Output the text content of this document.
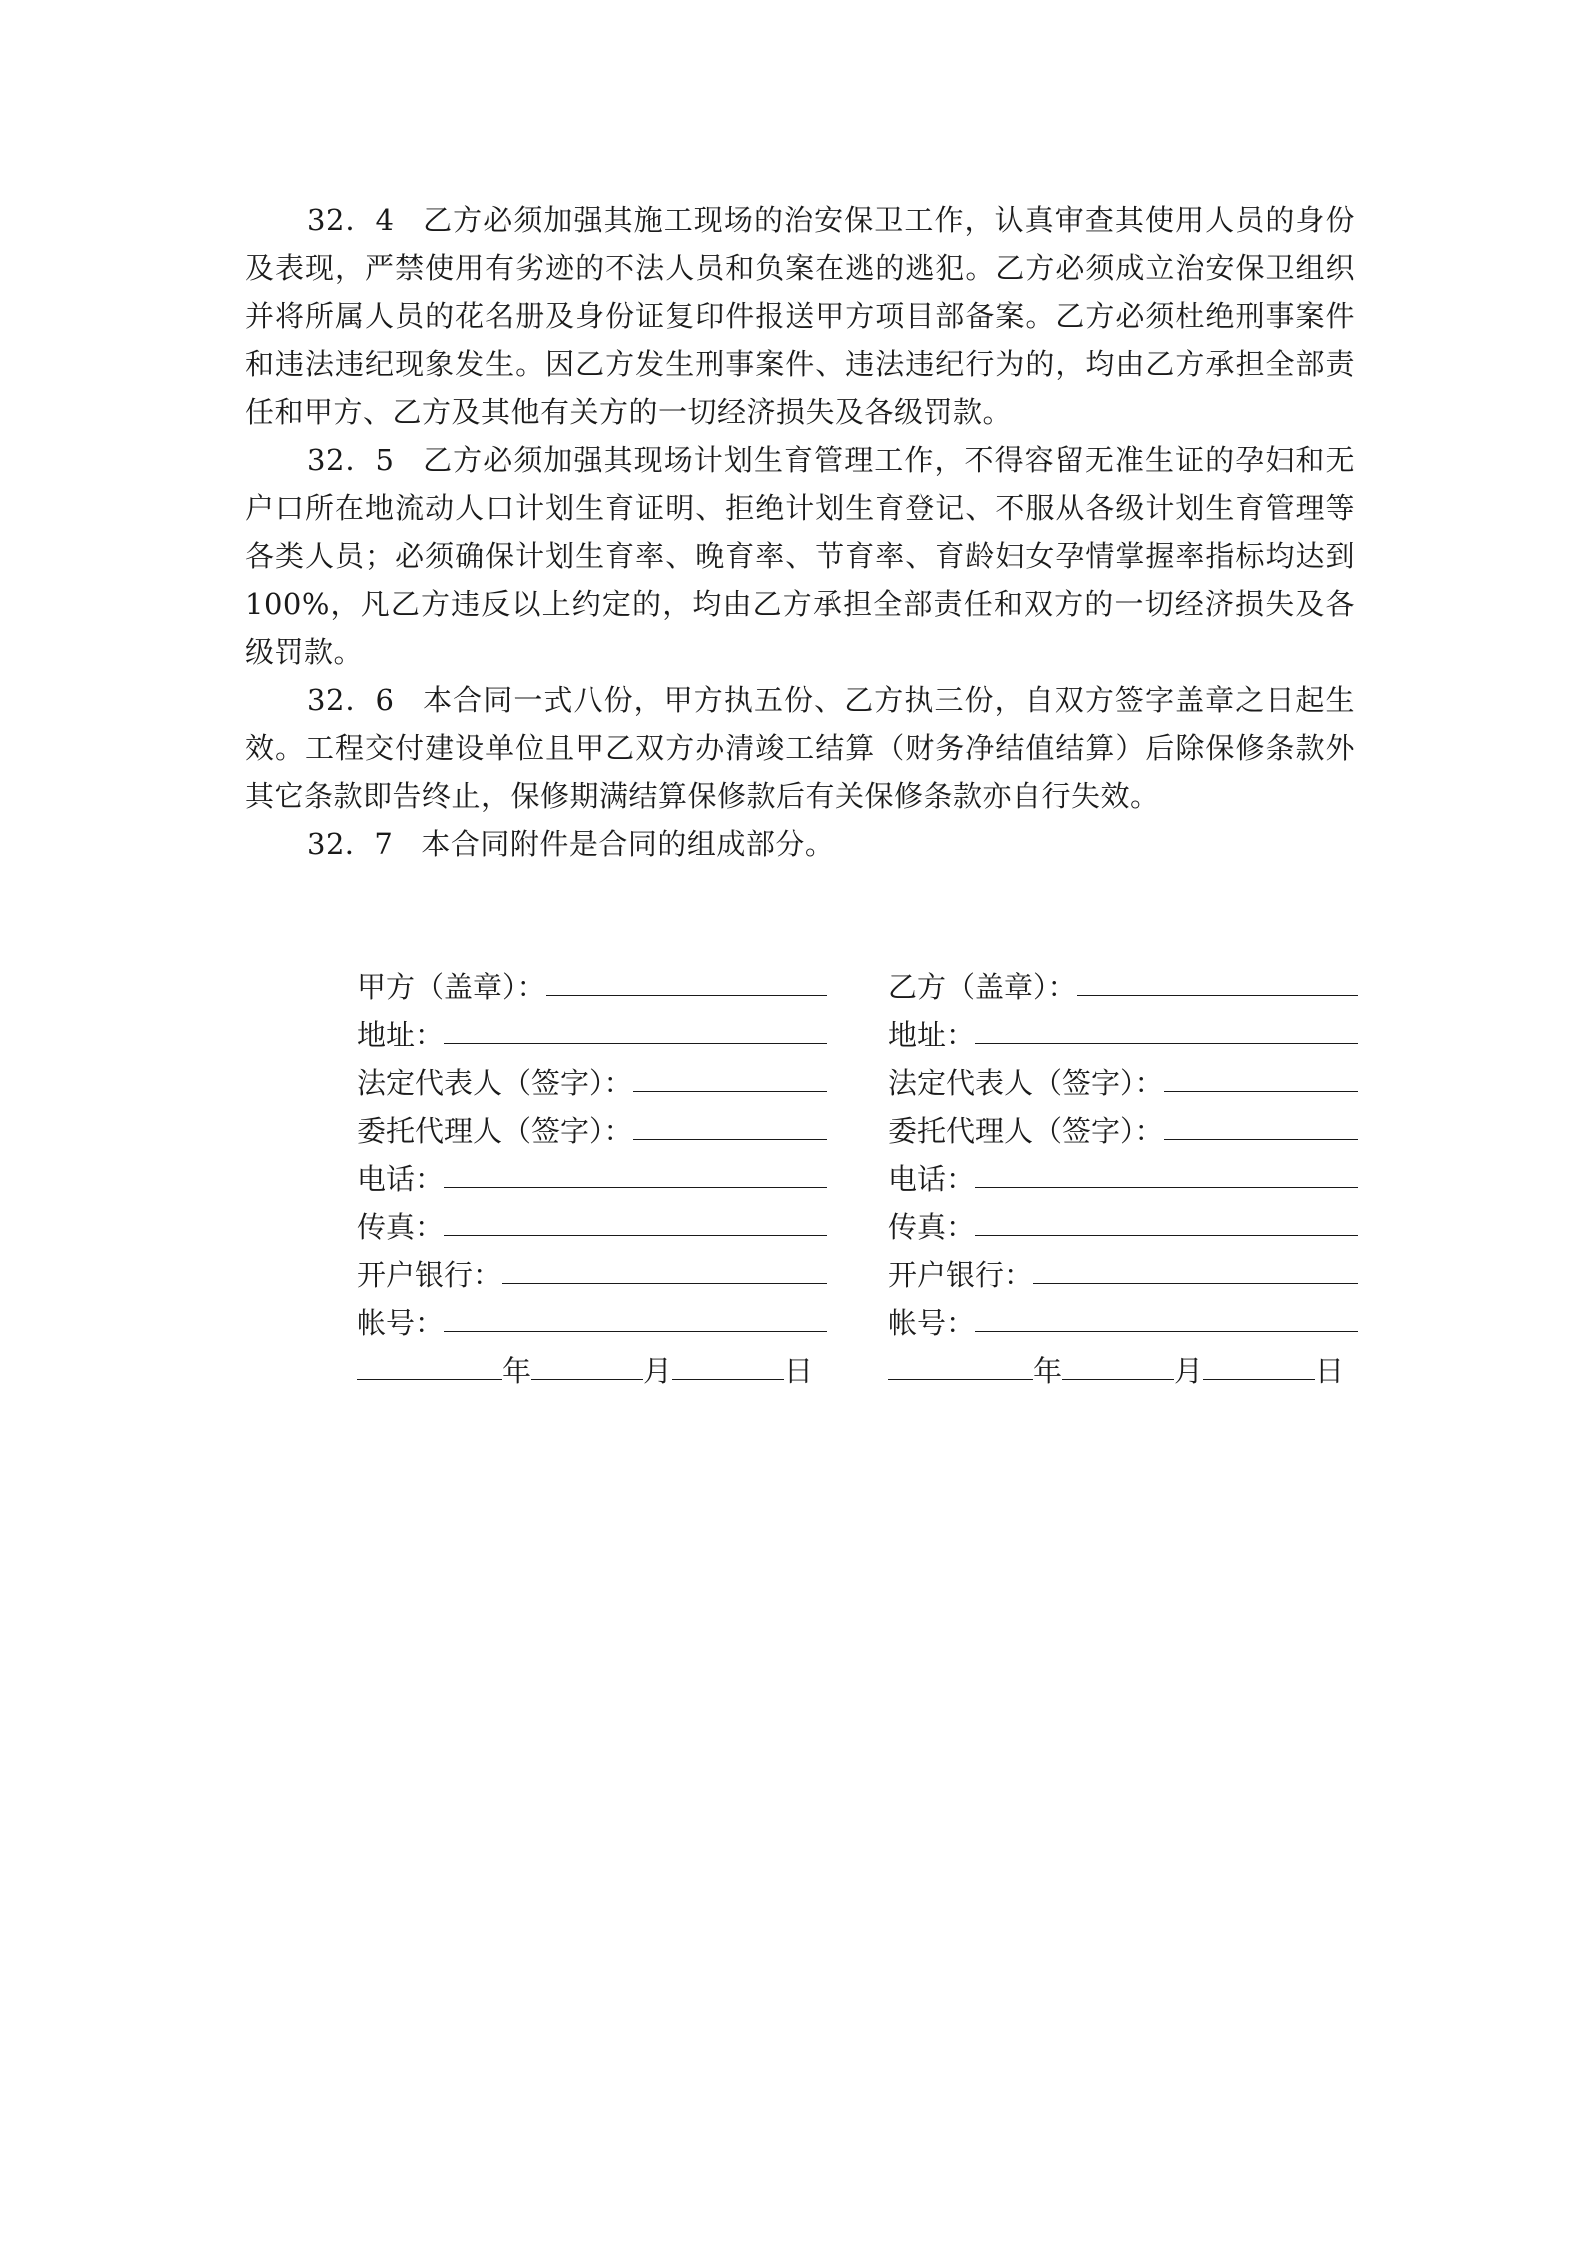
32．4 乙方必须加强其施工现场的治安保卫工作，认真审查其使用人员的身份及表现，严禁使用有劣迹的不法人员和负案在逃的逃犯。乙方必须成立治安保卫组织并将所属人员的花名册及身份证复印件报送甲方项目部备案。乙方必须杜绝刑事案件和违法违纪现象发生。因乙方发生刑事案件、违法违纪行为的，均由乙方承担全部责任和甲方、乙方及其他有关方的一切经济损失及各级罚款。

32．5 乙方必须加强其现场计划生育管理工作，不得容留无准生证的孕妇和无户口所在地流动人口计划生育证明、拒绝计划生育登记、不服从各级计划生育管理等各类人员；必须确保计划生育率、晚育率、节育率、育龄妇女孕情掌握率指标均达到100%，凡乙方违反以上约定的，均由乙方承担全部责任和双方的一切经济损失及各级罚款。

32．6 本合同一式八份，甲方执五份、乙方执三份，自双方签字盖章之日起生效。工程交付建设单位且甲乙双方办清竣工结算（财务净结值结算）后除保修条款外其它条款即告终止，保修期满结算保修款后有关保修条款亦自行失效。

32．7 本合同附件是合同的组成部分。

甲方（盖章）：
地址：
法定代表人（签字）：
委托代理人（签字）：
电话：
传真：
开户银行：
帐号：
年	月	日
乙方（盖章）：
地址：
法定代表人（签字）：
委托代理人（签字）：
电话：
传真：
开户银行：
帐号：
年	月	日
